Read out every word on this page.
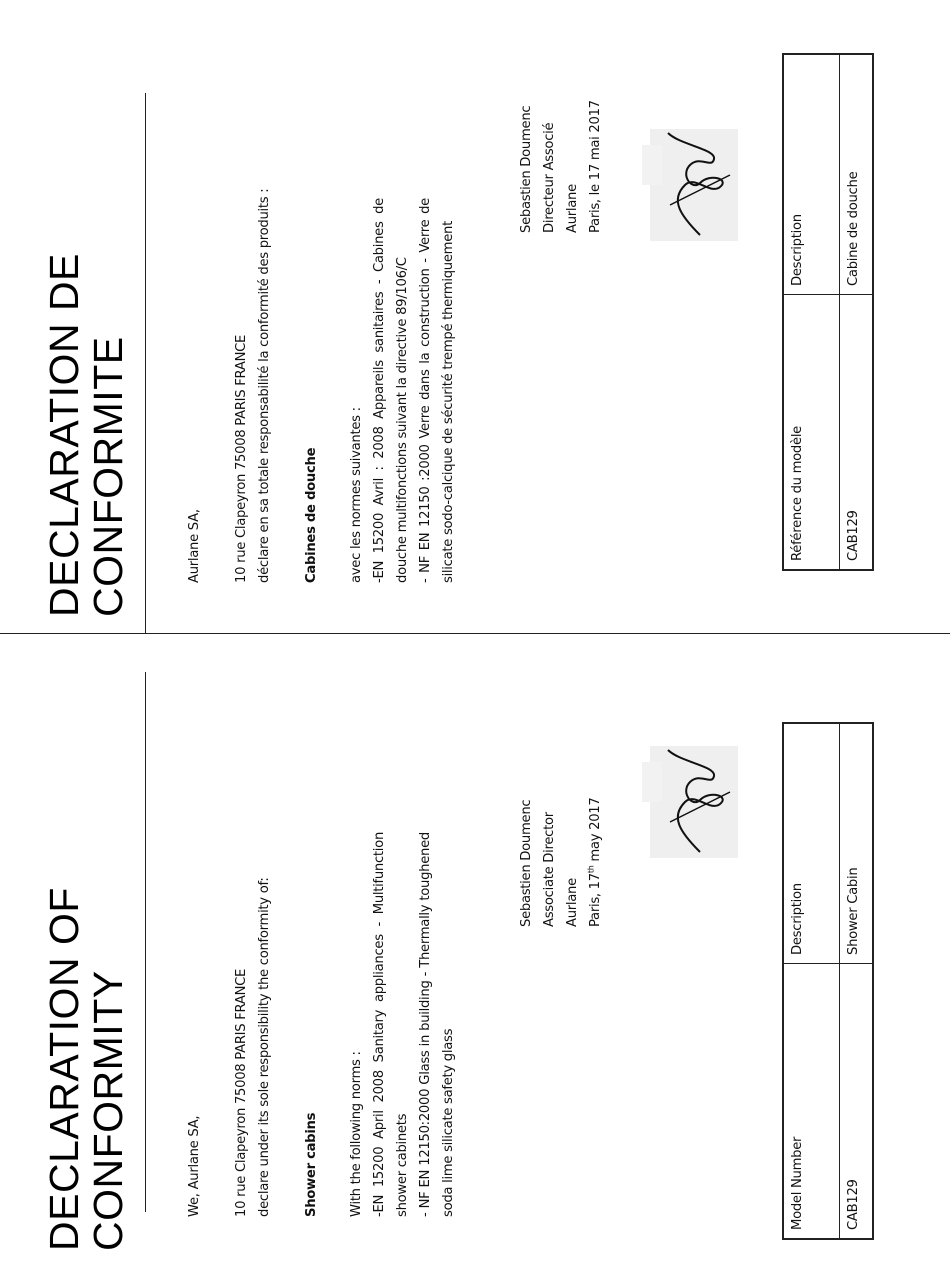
DECLARATION DE
CONFORMITE	Aurlane SA,	10 rue Clapeyron 75008 PARIS FRANCE déclare en sa totale responsabilité la conformité des produits :	Cabines de douche	avec les normes suivantes : -EN 15200 Avril : 2008 Appareils sanitaires - Cabines de douche multifonctions suivant la directive 89/106/C - NF EN 12150 :2000 Verre dans la construction - Verre de silicate sodo-calcique de sécurité trempé thermiquement
Sebastien Doumenc Directeur Associé Aurlane Paris, le 17 mai 2017
Référence du modèle	Description
CAB129	Cabine de douche
DECLARATION OF
CONFORMITY	We, Aurlane SA,	10 rue Clapeyron 75008 PARIS FRANCE declare under its sole responsibility the conformity of:	Shower cabins	With the following norms : -EN 15200 April 2008 Sanitary appliances - Multifunction shower cabinets - NF EN 12150:2000 Glass in building - Thermally toughened soda lime silicate safety glass
Sebastien Doumenc Associate Director Aurlane Paris, 17th may 2017
Model Number	Description
CAB129	Shower Cabin
